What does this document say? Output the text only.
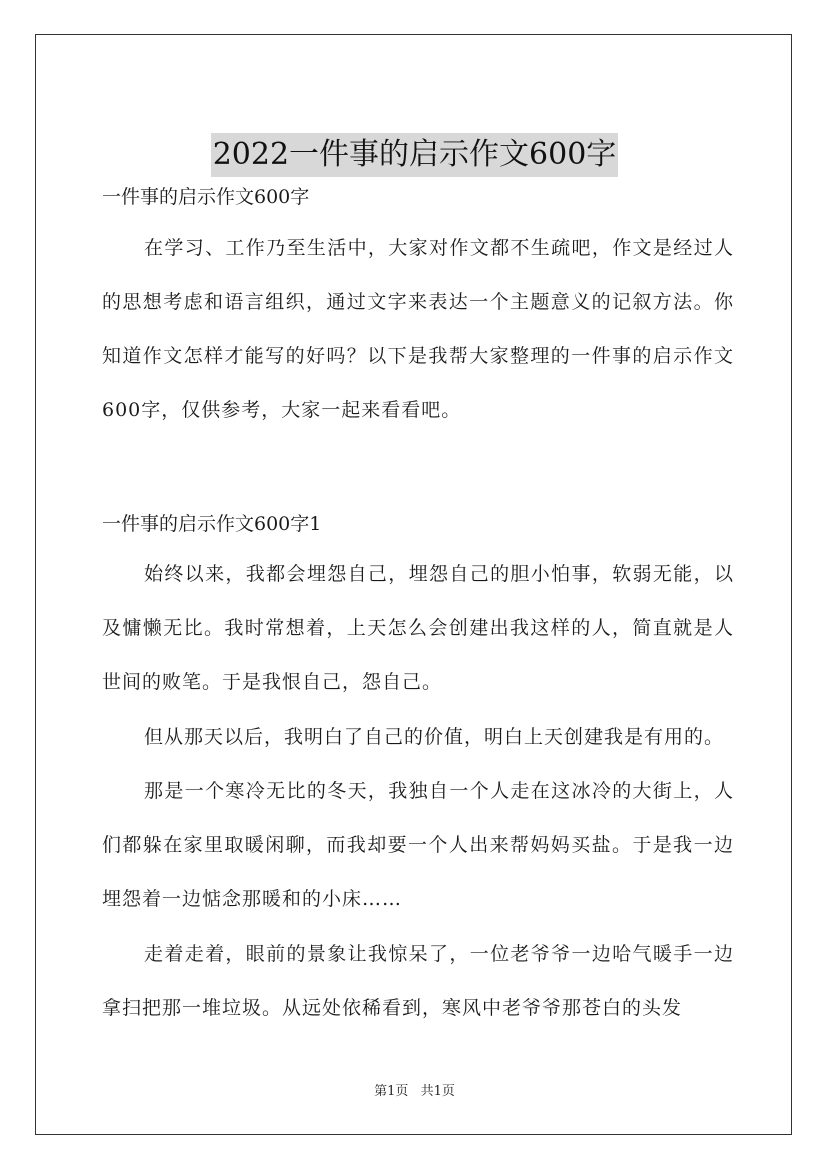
2022一件事的启示作文600字
一件事的启示作文600字
在学习、工作乃至生活中，大家对作文都不生疏吧，作文是经过人的思想考虑和语言组织，通过文字来表达一个主题意义的记叙方法。你知道作文怎样才能写的好吗？以下是我帮大家整理的一件事的启示作文600字，仅供参考，大家一起来看看吧。
一件事的启示作文600字1
始终以来，我都会埋怨自己，埋怨自己的胆小怕事，软弱无能，以及慵懒无比。我时常想着，上天怎么会创建出我这样的人，简直就是人世间的败笔。于是我恨自己，怨自己。
但从那天以后，我明白了自己的价值，明白上天创建我是有用的。
那是一个寒冷无比的冬天，我独自一个人走在这冰冷的大街上，人们都躲在家里取暖闲聊，而我却要一个人出来帮妈妈买盐。于是我一边埋怨着一边惦念那暖和的小床……
走着走着，眼前的景象让我惊呆了，一位老爷爷一边哈气暖手一边拿扫把那一堆垃圾。从远处依稀看到，寒风中老爷爷那苍白的头发
第1页 共1页
